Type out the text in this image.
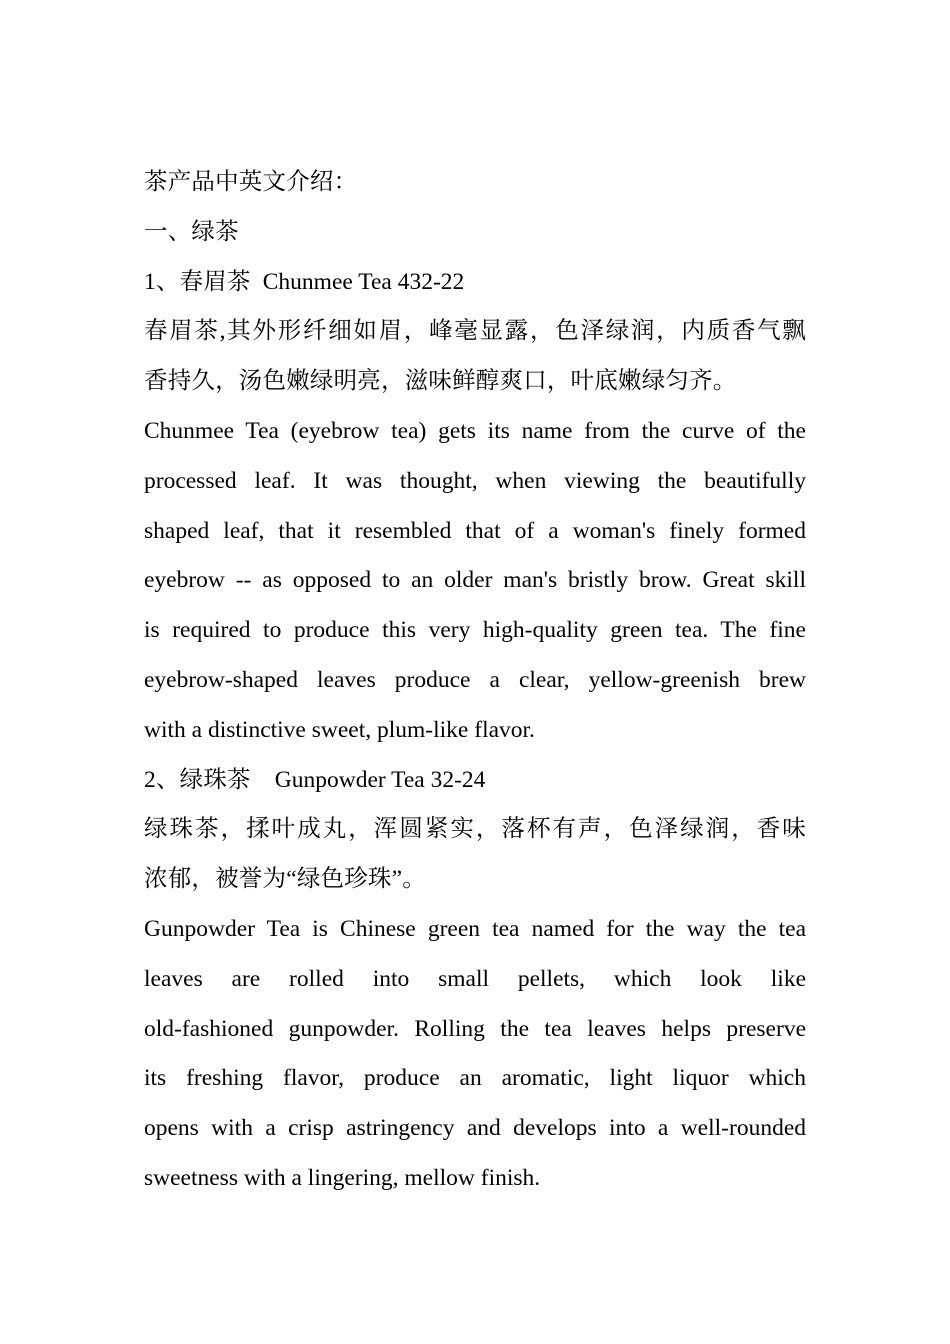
茶产品中英文介绍：
一、绿茶
1、春眉茶 Chunmee Tea 432-22
春眉茶,其外形纤细如眉，峰毫显露，色泽绿润，内质香气飘
香持久，汤色嫩绿明亮，滋味鲜醇爽口，叶底嫩绿匀齐。
Chunmee Tea (eyebrow tea) gets its name from the curve of the
processed leaf. It was thought, when viewing the beautifully
shaped leaf, that it resembled that of a woman's finely formed
eyebrow -- as opposed to an older man's bristly brow. Great skill
is required to produce this very high-quality green tea. The fine
eyebrow-shaped leaves produce a clear, yellow-greenish brew
with a distinctive sweet, plum-like flavor.
2、绿珠茶 Gunpowder Tea 32-24
绿珠茶，揉叶成丸，浑圆紧实，落杯有声，色泽绿润，香味
浓郁，被誉为“绿色珍珠”。
Gunpowder Tea is Chinese green tea named for the way the tea
leaves are rolled into small pellets, which look like
old-fashioned gunpowder. Rolling the tea leaves helps preserve
its freshing flavor, produce an aromatic, light liquor which
opens with a crisp astringency and develops into a well-rounded
sweetness with a lingering, mellow finish.
